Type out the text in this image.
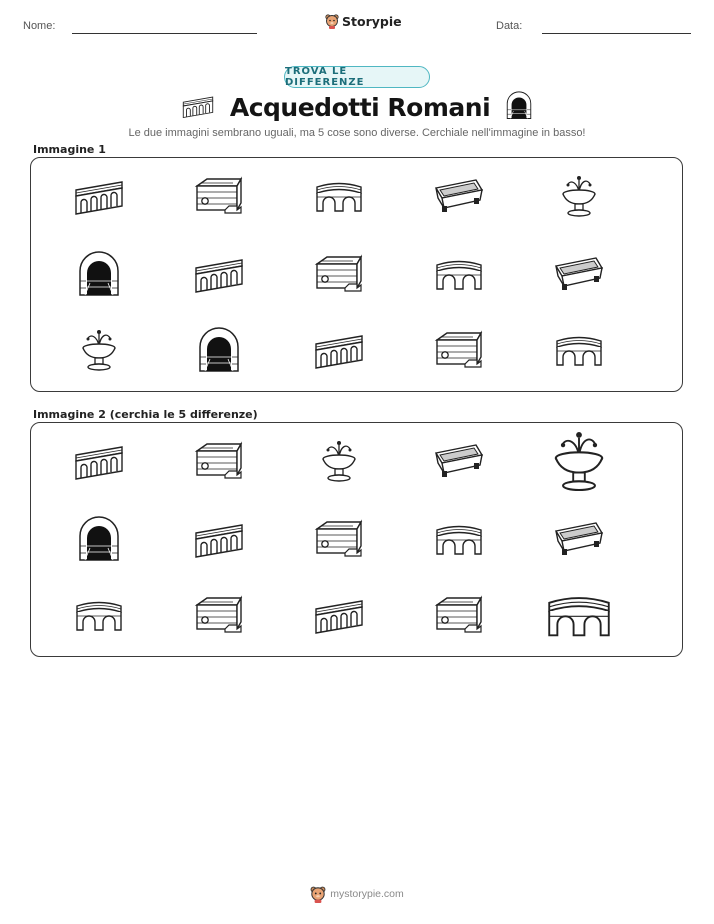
Nome:	Storypie	Data:
TROVA LE DIFFERENZE
Acquedotti Romani
Le due immagini sembrano uguali, ma 5 cose sono diverse. Cerchiale nell'immagine in basso!
Immagine 1
Immagine 2 (cerchia le 5 differenze)
mystorypie.com
